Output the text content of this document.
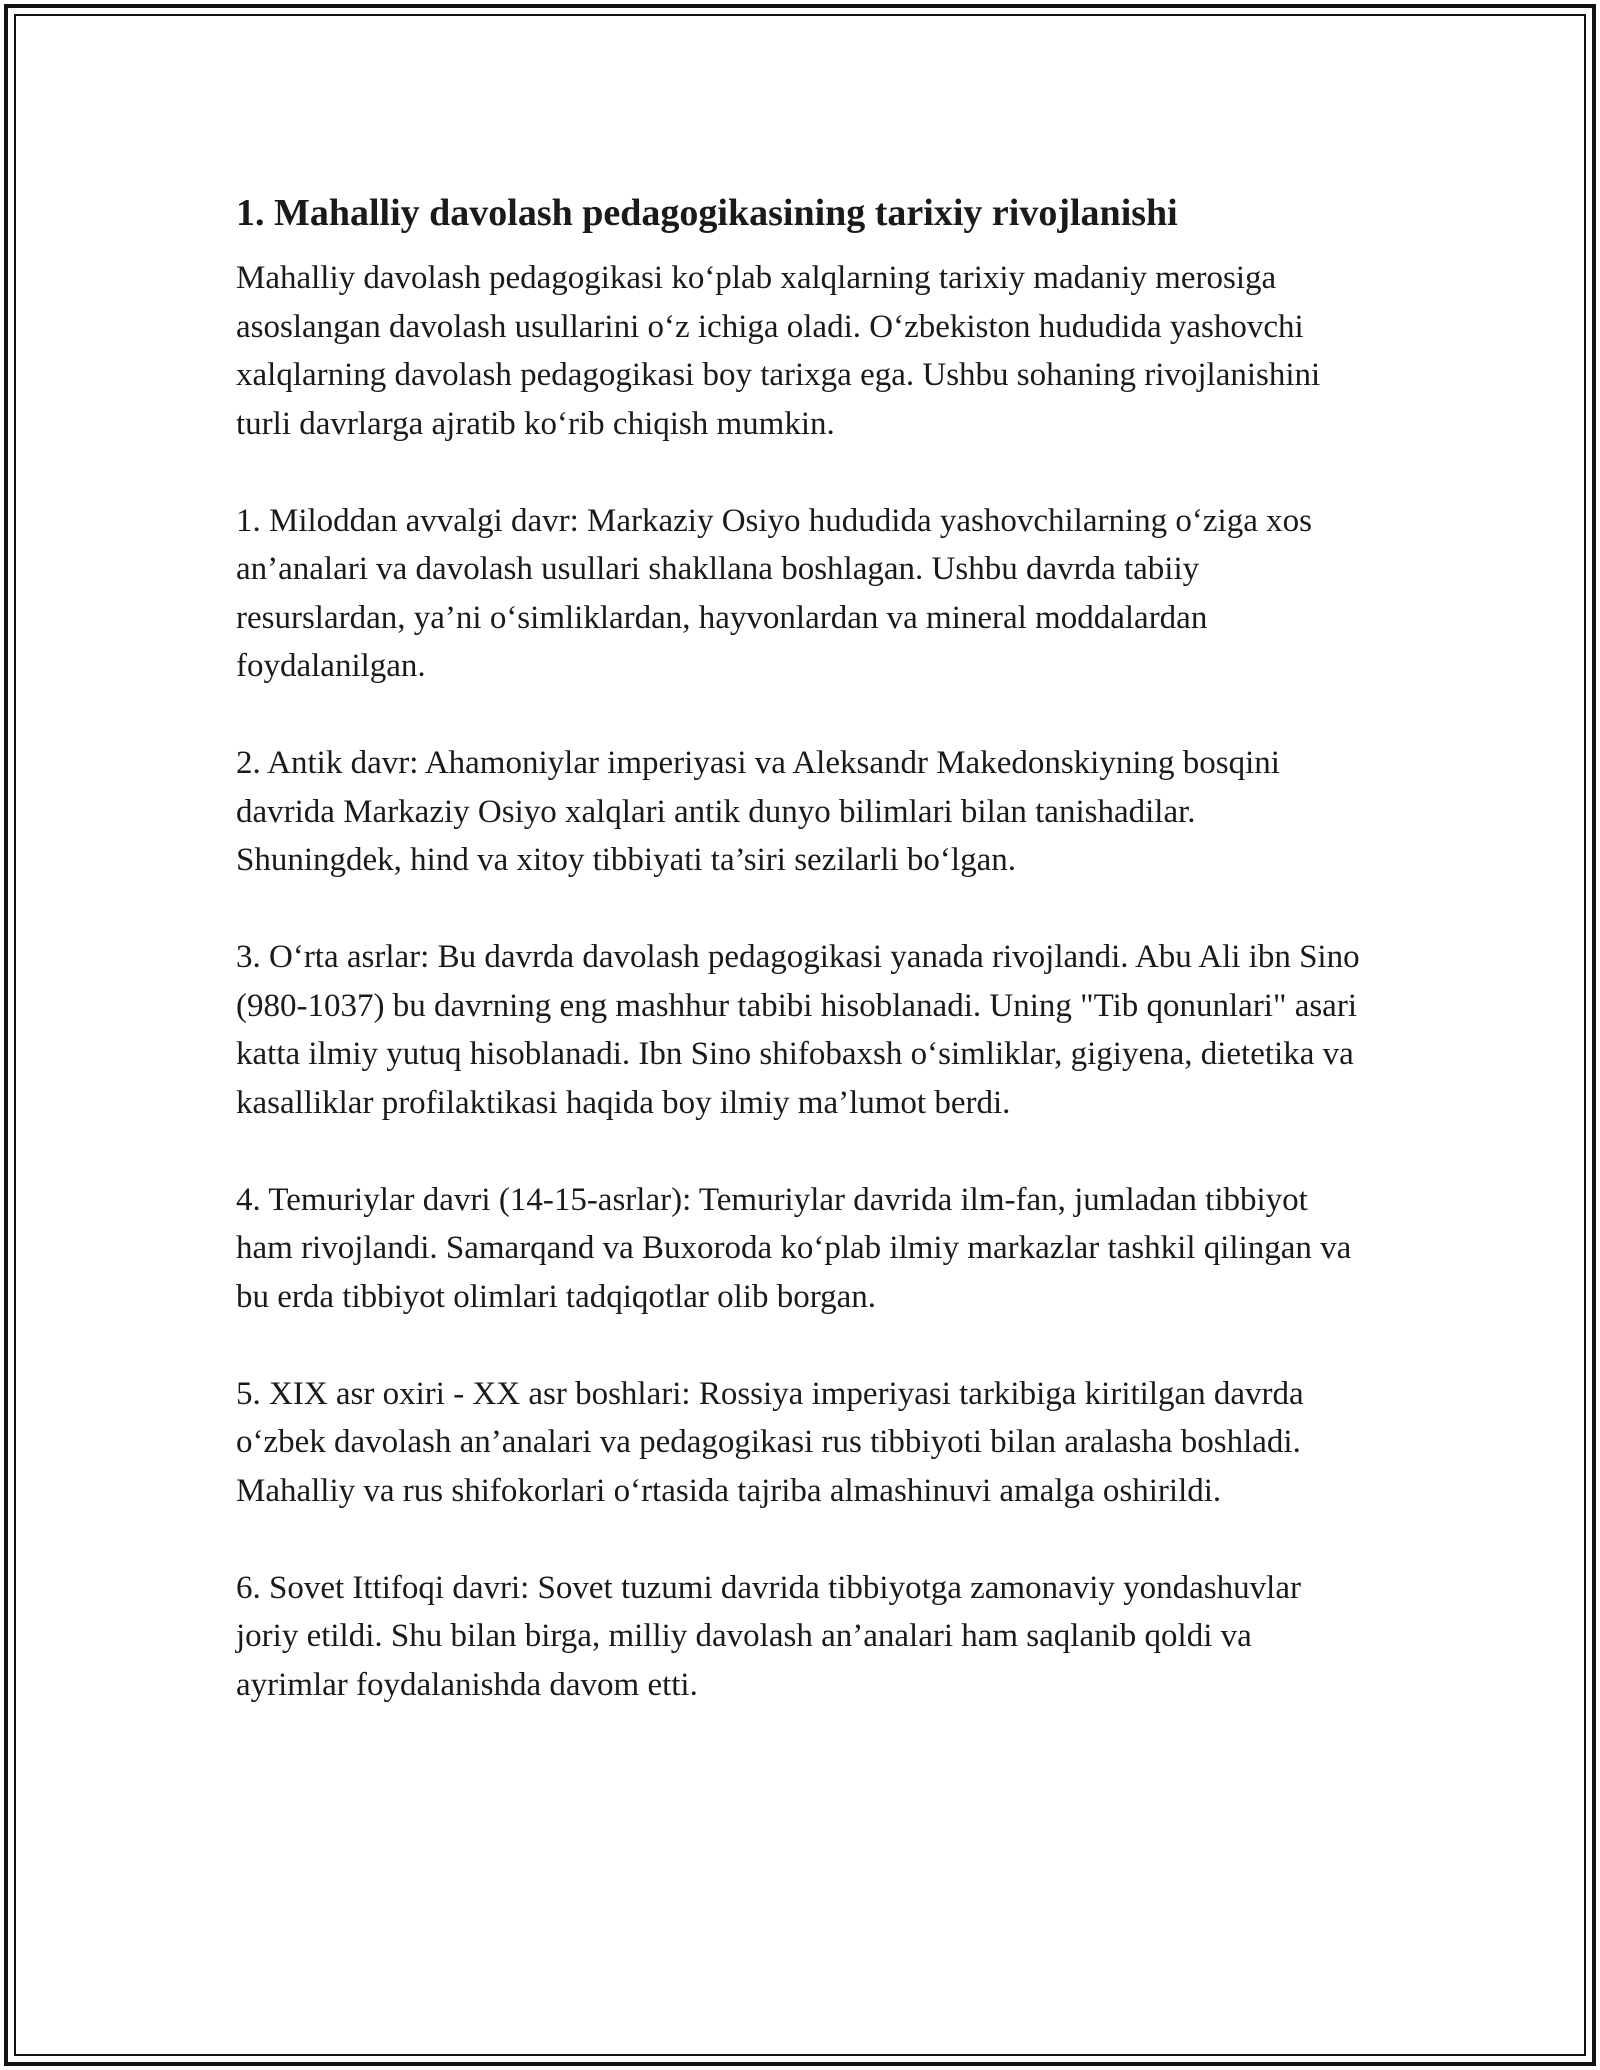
1. Mahalliy davolash pedagogikasining tarixiy rivojlanishi

Mahalliy davolash pedagogikasi koʻplab xalqlarning tarixiy madaniy merosiga asoslangan davolash usullarini oʻz ichiga oladi. Oʻzbekiston hududida yashovchi xalqlarning davolash pedagogikasi boy tarixga ega. Ushbu sohaning rivojlanishini turli davrlarga ajratib koʻrib chiqish mumkin.

1. Miloddan avvalgi davr: Markaziy Osiyo hududida yashovchilarning oʻziga xos an’analari va davolash usullari shakllana boshlagan. Ushbu davrda tabiiy resurslardan, ya’ni oʻsimliklardan, hayvonlardan va mineral moddalardan foydalanilgan.

2. Antik davr: Ahamoniylar imperiyasi va Aleksandr Makedonskiyning bosqini davrida Markaziy Osiyo xalqlari antik dunyo bilimlari bilan tanishadilar. Shuningdek, hind va xitoy tibbiyati ta’siri sezilarli boʻlgan.

3. Oʻrta asrlar: Bu davrda davolash pedagogikasi yanada rivojlandi. Abu Ali ibn Sino (980-1037) bu davrning eng mashhur tabibi hisoblanadi. Uning "Tib qonunlari" asari katta ilmiy yutuq hisoblanadi. Ibn Sino shifobaxsh oʻsimliklar, gigiyena, dietetika va kasalliklar profilaktikasi haqida boy ilmiy ma’lumot berdi.

4. Temuriylar davri (14-15-asrlar): Temuriylar davrida ilm-fan, jumladan tibbiyot ham rivojlandi. Samarqand va Buxoroda koʻplab ilmiy markazlar tashkil qilingan va bu erda tibbiyot olimlari tadqiqotlar olib borgan.

5. XIX asr oxiri - XX asr boshlari: Rossiya imperiyasi tarkibiga kiritilgan davrda oʻzbek davolash an’analari va pedagogikasi rus tibbiyoti bilan aralasha boshladi. Mahalliy va rus shifokorlari oʻrtasida tajriba almashinuvi amalga oshirildi.

6. Sovet Ittifoqi davri: Sovet tuzumi davrida tibbiyotga zamonaviy yondashuvlar joriy etildi. Shu bilan birga, milliy davolash an’analari ham saqlanib qoldi va ayrimlar foydalanishda davom etti.
